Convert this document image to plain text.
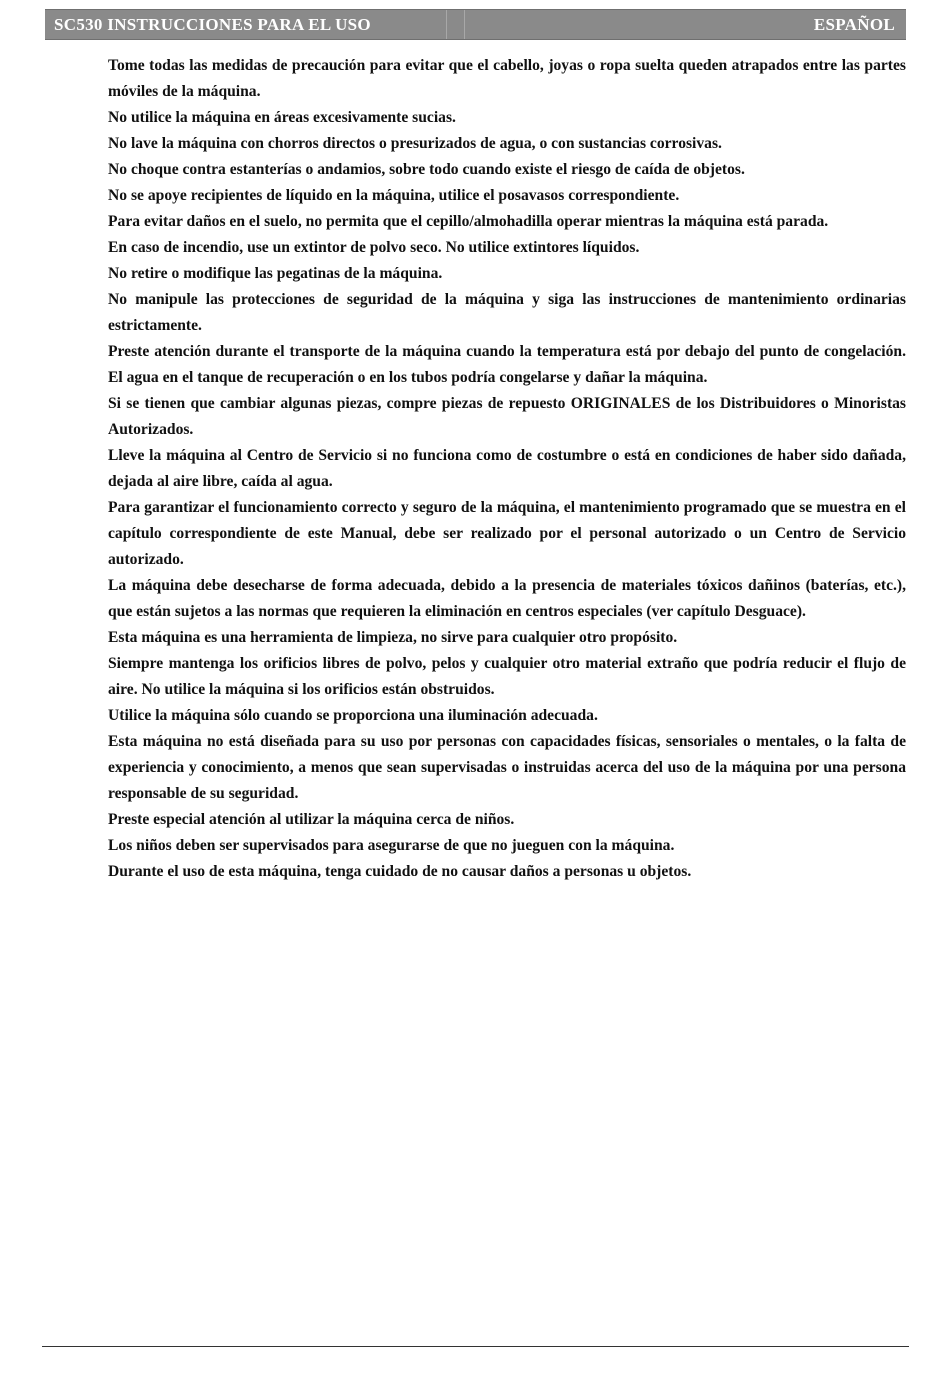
SC530 INSTRUCCIONES PARA EL USO	ESPAÑOL

Tome todas las medidas de precaución para evitar que el cabello, joyas o ropa suelta queden atrapados entre las partes móviles de la máquina.

No utilice la máquina en áreas excesivamente sucias.

No lave la máquina con chorros directos o presurizados de agua, o con sustancias corrosivas.

No choque contra estanterías o andamios, sobre todo cuando existe el riesgo de caída de objetos.

No se apoye recipientes de líquido en la máquina, utilice el posavasos correspondiente.

Para evitar daños en el suelo, no permita que el cepillo/almohadilla operar mientras la máquina está parada.

En caso de incendio, use un extintor de polvo seco. No utilice extintores líquidos.

No retire o modifique las pegatinas de la máquina.

No manipule las protecciones de seguridad de la máquina y siga las instrucciones de mantenimiento ordinarias estrictamente.

Preste atención durante el transporte de la máquina cuando la temperatura está por debajo del punto de congelación. El agua en el tanque de recuperación o en los tubos podría congelarse y dañar la máquina.

Si se tienen que cambiar algunas piezas, compre piezas de repuesto ORIGINALES de los Distribuidores o Minoristas Autorizados.

Lleve la máquina al Centro de Servicio si no funciona como de costumbre o está en condiciones de haber sido dañada, dejada al aire libre, caída al agua.

Para garantizar el funcionamiento correcto y seguro de la máquina, el mantenimiento programado que se muestra en el capítulo correspondiente de este Manual, debe ser realizado por el personal autorizado o un Centro de Servicio autorizado.

La máquina debe desecharse de forma adecuada, debido a la presencia de materiales tóxicos dañinos (baterías, etc.), que están sujetos a las normas que requieren la eliminación en centros especiales (ver capítulo Desguace).

Esta máquina es una herramienta de limpieza, no sirve para cualquier otro propósito.

Siempre mantenga los orificios libres de polvo, pelos y cualquier otro material extraño que podría reducir el flujo de aire. No utilice la máquina si los orificios están obstruidos.

Utilice la máquina sólo cuando se proporciona una iluminación adecuada.

Esta máquina no está diseñada para su uso por personas con capacidades físicas, sensoriales o mentales, o la falta de experiencia y conocimiento, a menos que sean supervisadas o instruidas acerca del uso de la máquina por una persona responsable de su seguridad.

Preste especial atención al utilizar la máquina cerca de niños.

Los niños deben ser supervisados para asegurarse de que no jueguen con la máquina.

Durante el uso de esta máquina, tenga cuidado de no causar daños a personas u objetos.
